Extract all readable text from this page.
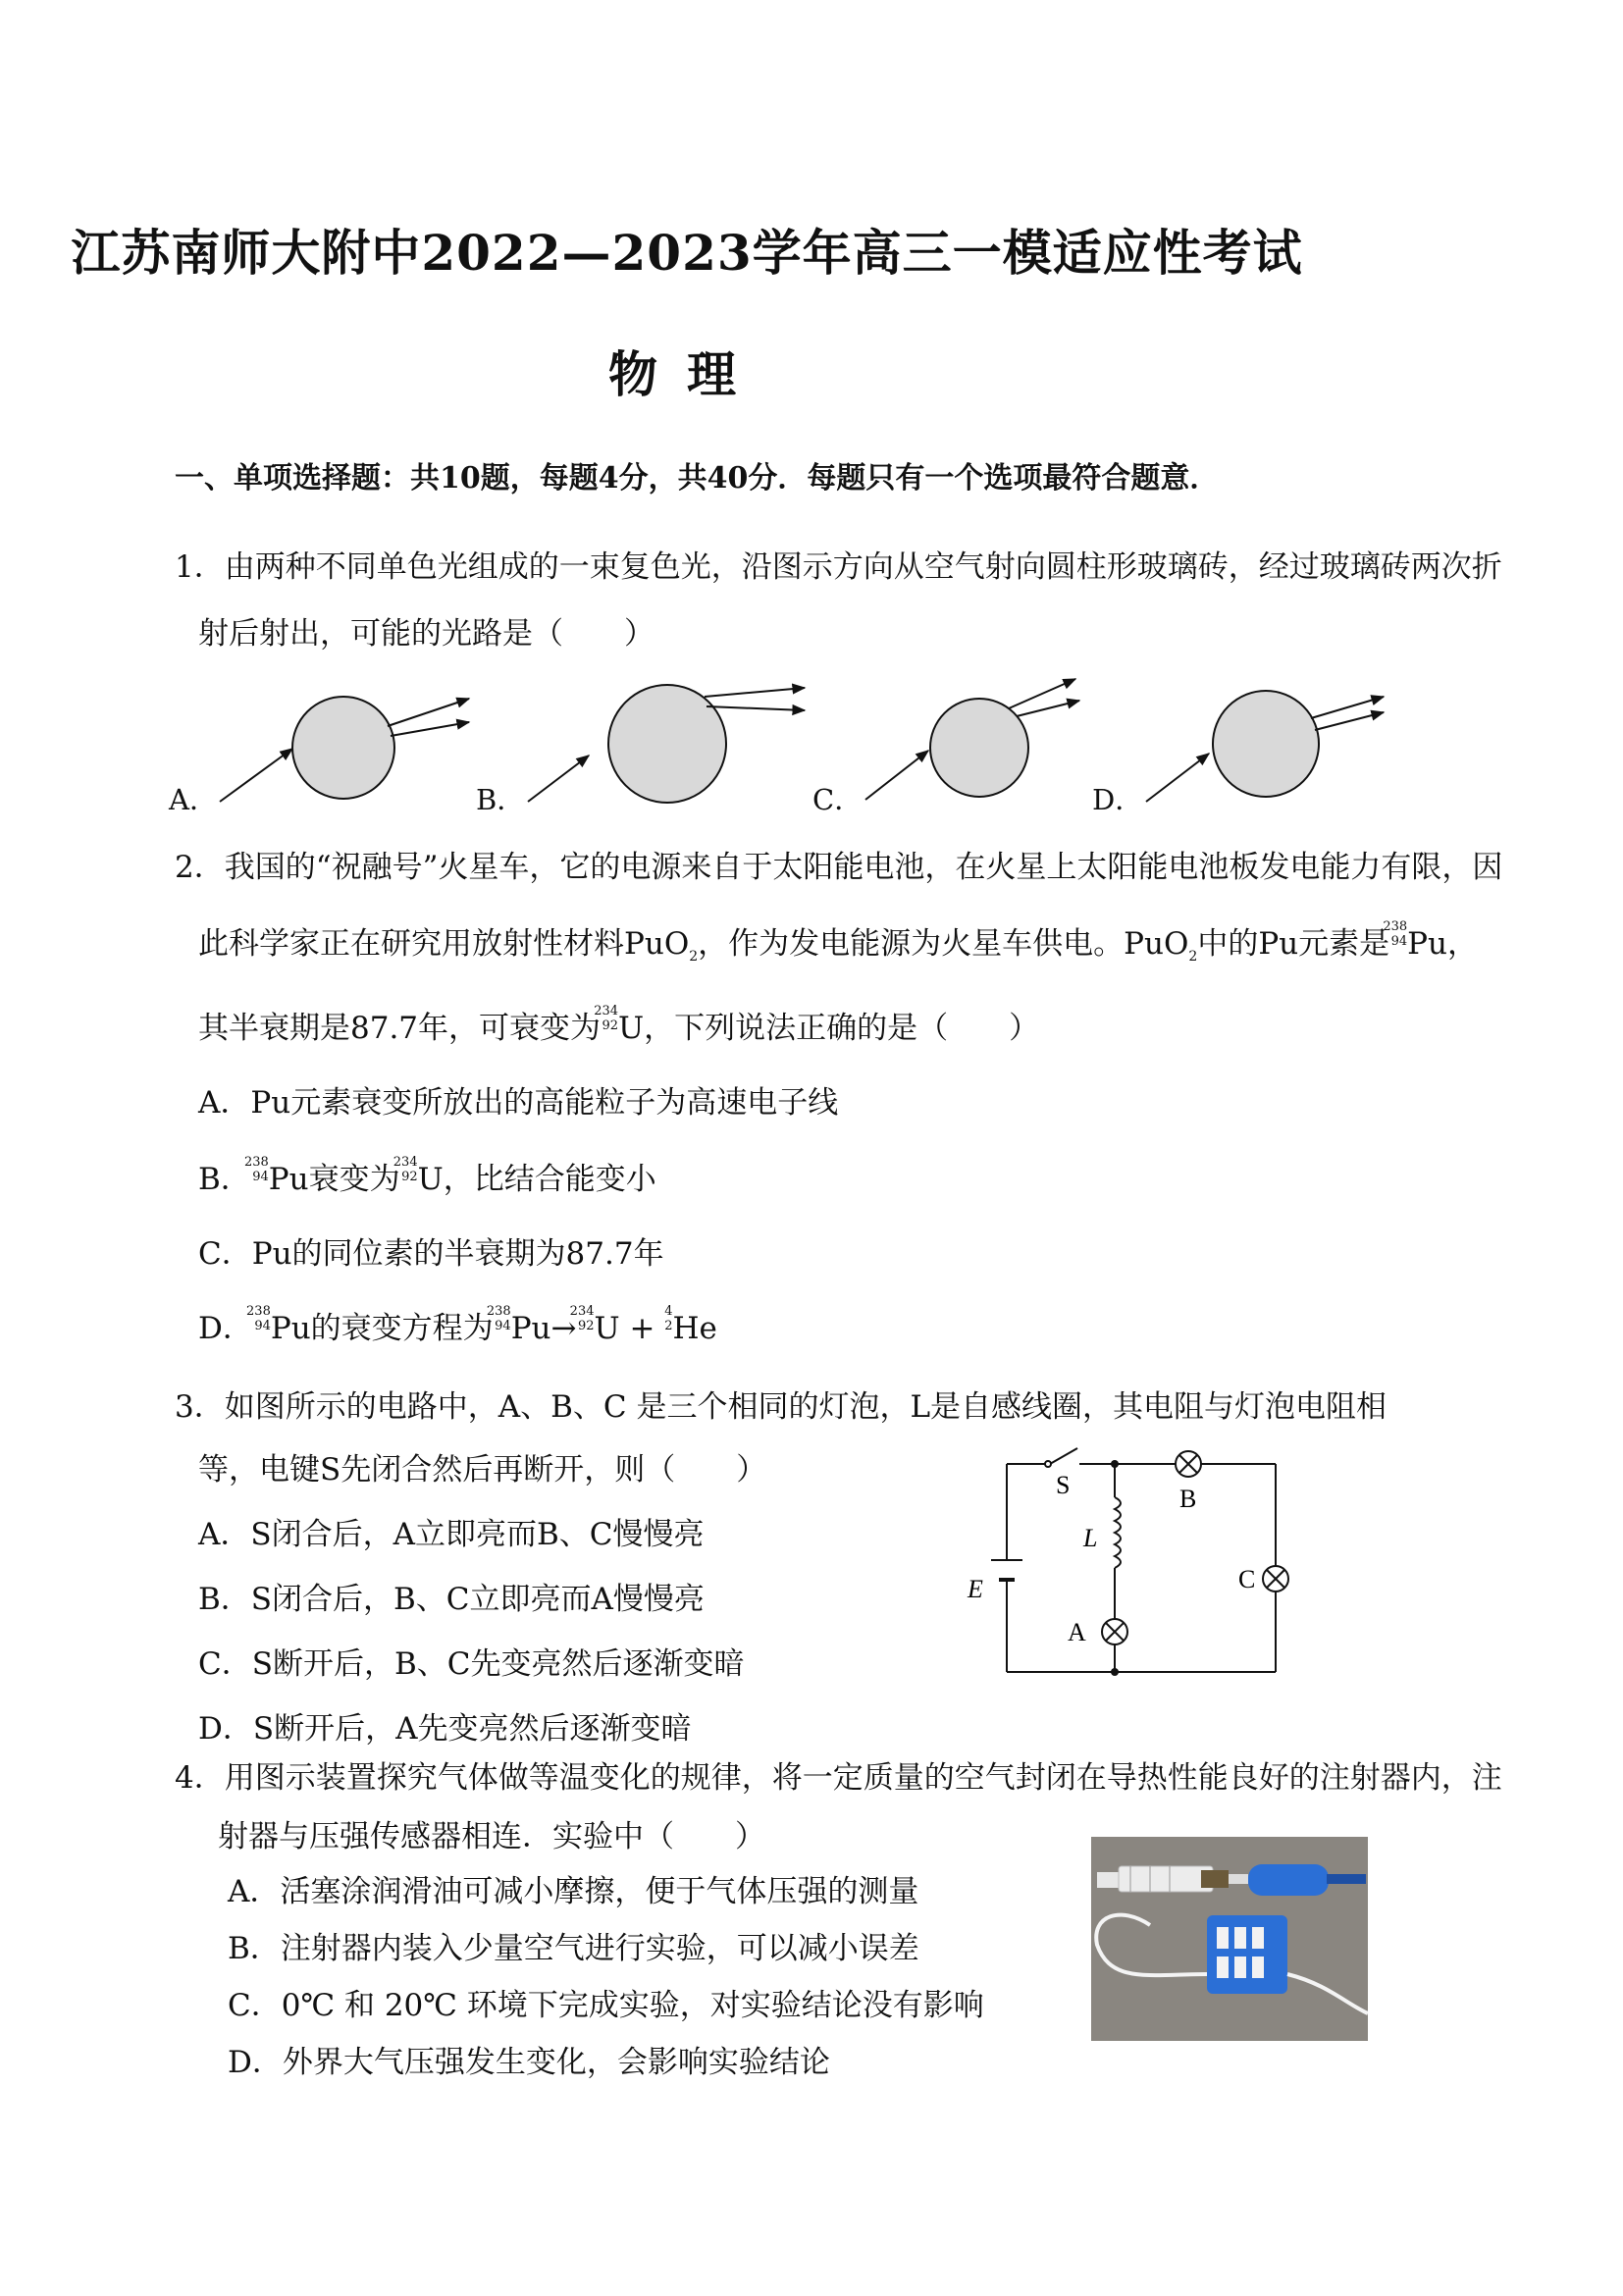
江苏南师大附中2022—2023学年高三一模适应性考试
物理
一、单项选择题：共10题，每题4分，共40分．每题只有一个选项最符合题意．
1．由两种不同单色光组成的一束复色光，沿图示方向从空气射向圆柱形玻璃砖，经过玻璃砖两次折
射后射出，可能的光路是（　　）
A．	B．	C．	D．
2．我国的“祝融号”火星车，它的电源来自于太阳能电池，在火星上太阳能电池板发电能力有限，因
此科学家正在研究用放射性材料PuO$_2$，作为发电能源为火星车供电。PuO$_2$中的Pu元素是
238
94 Pu，
其半衰期是87.7年，可衰变为
234
92 U，下列说法正确的是（　　）
A．Pu元素衰变所放出的高能粒子为高速电子线
B．
238
94 Pu衰变为
234
92 U，比结合能变小
C．Pu的同位素的半衰期为87.7年
D．
238
94 Pu的衰变方程为
238
94 Pu→
234
92 U + 4
2 He
3．如图所示的电路中，A、B、C 是三个相同的灯泡，L是自感线圈，其电阻与灯泡电阻相
等，电键S先闭合然后再断开，则（　　）
A．S闭合后，A立即亮而B、C慢慢亮
B．S闭合后，B、C立即亮而A慢慢亮
C．S断开后，B、C先变亮然后逐渐变暗
D．S断开后，A先变亮然后逐渐变暗
S	B
L
C
E
A
4．用图示装置探究气体做等温变化的规律，将一定质量的空气封闭在导热性能良好的注射器内，注
射器与压强传感器相连．实验中（　　）
A．活塞涂润滑油可减小摩擦，便于气体压强的测量
B．注射器内装入少量空气进行实验，可以减小误差
C．0℃ 和 20℃ 环境下完成实验，对实验结论没有影响
D．外界大气压强发生变化，会影响实验结论
